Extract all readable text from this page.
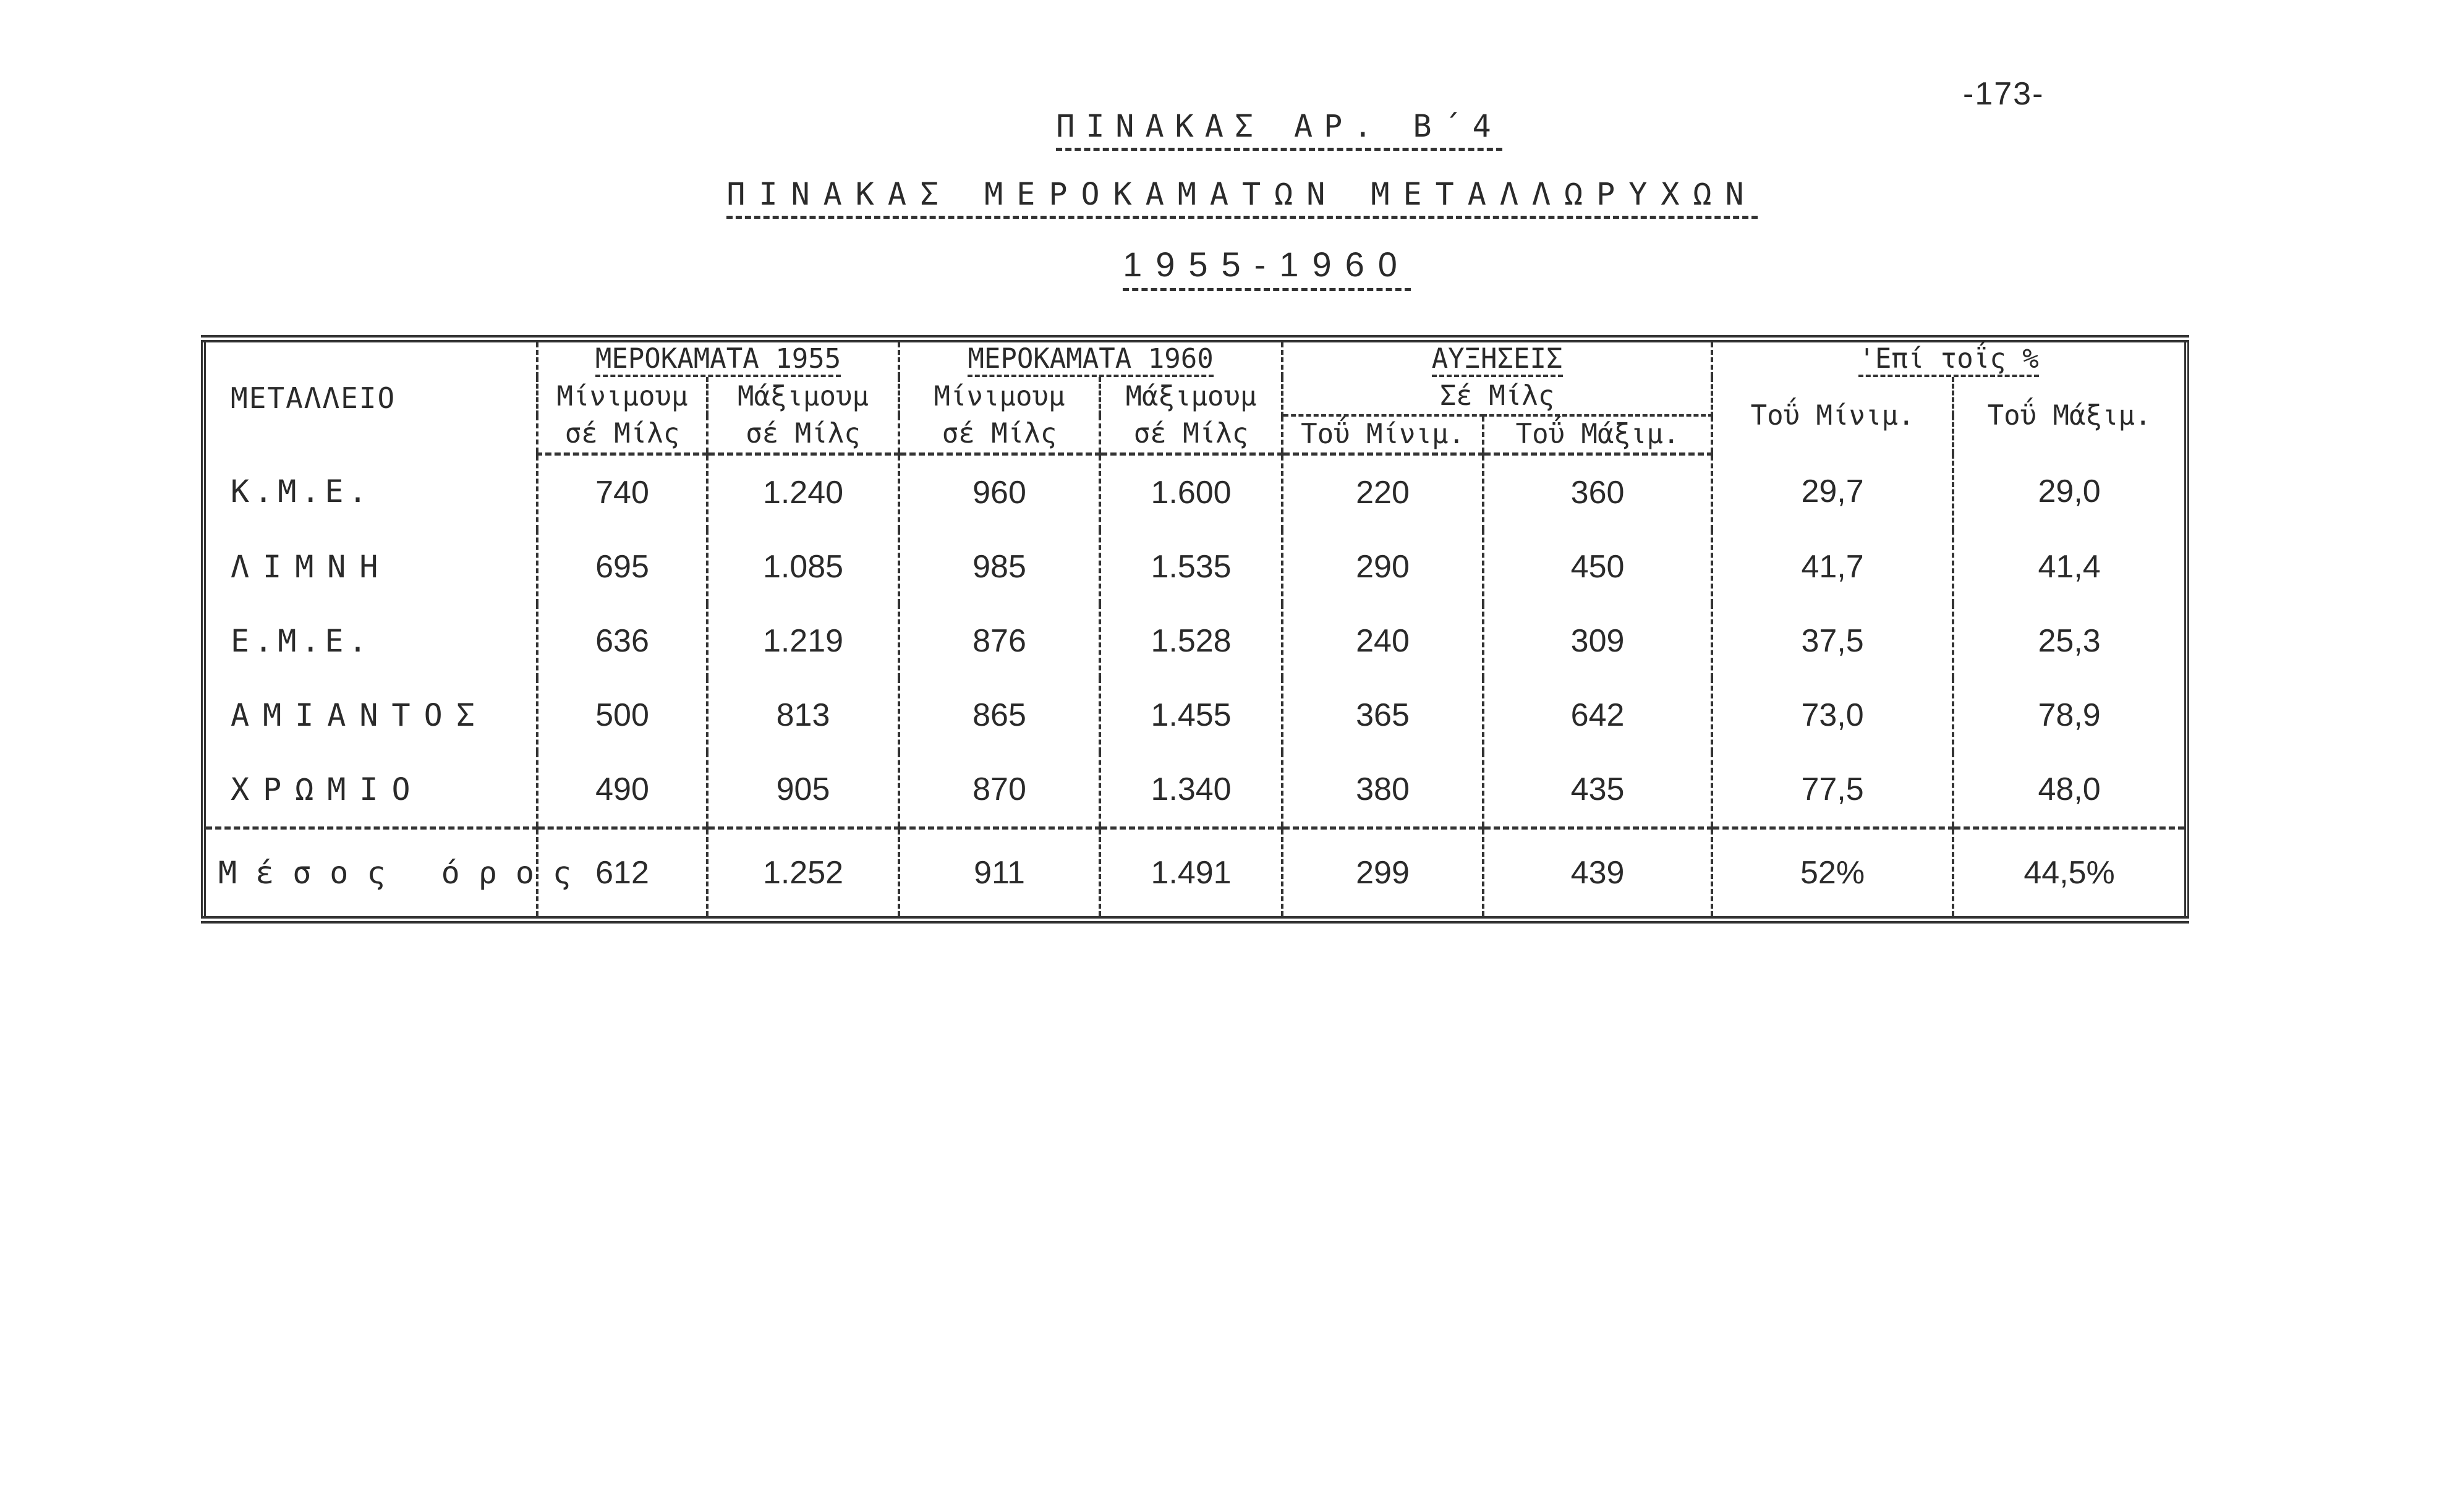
-173-
ΠΙΝΑΚΑΣ ΑΡ. Β΄4
ΠΙΝΑΚΑΣ ΜΕΡΟΚΑΜΑΤΩΝ ΜΕΤΑΛΛΩΡΥΧΩΝ
1955-1960
ΜΕΤΑΛΛΕΙΟ	ΜΕΡΟΚΑΜΑΤΑ 1955		ΜΕΡΟΚΑΜΑΤΑ 1960		ΑΥΞΗΣΕΙΣ		'Επί τοΐς %	
	Μίνιμουμ	Μάξιμουμ	Μίνιμουμ	Μάξιμουμ	Σέ Μίλς		Τοΰ Μίνιμ.	Τοΰ Μάξιμ.
	σέ Μίλς	σέ Μίλς	σέ Μίλς	σέ Μίλς	Τοΰ Μίνιμ.	Τοΰ Μάξιμ.		
Κ.Μ.Ε.	740	1.240	960	1.600	220	360	29,7	29,0
ΛΙΜΝΗ	695	1.085	985	1.535	290	450	41,7	41,4
Ε.Μ.Ε.	636	1.219	876	1.528	240	309	37,5	25,3
ΑΜΙΑΝΤΟΣ	500	813	865	1.455	365	642	73,0	78,9
ΧΡΩΜΙΟ	490	905	870	1.340	380	435	77,5	48,0
Μέσος όρος	612	1.252	911	1.491	299	439	52%	44,5%
